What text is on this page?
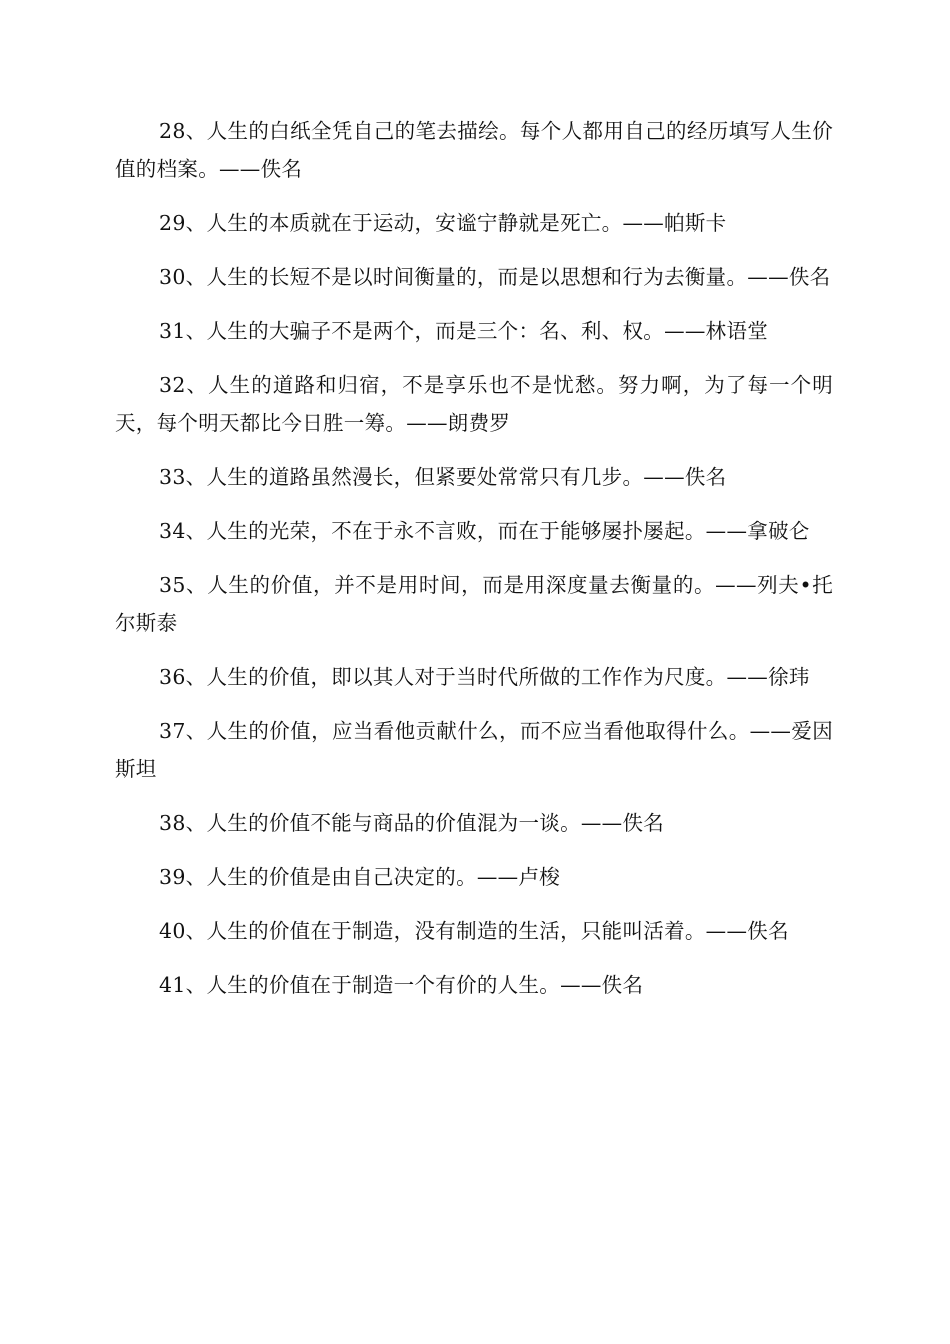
28、人生的白纸全凭自己的笔去描绘。每个人都用自己的经历填写人生价值的档案。——佚名

29、人生的本质就在于运动，安谧宁静就是死亡。——帕斯卡

30、人生的长短不是以时间衡量的，而是以思想和行为去衡量。——佚名

31、人生的大骗子不是两个，而是三个：名、利、权。——林语堂

32、人生的道路和归宿，不是享乐也不是忧愁。努力啊，为了每一个明天，每个明天都比今日胜一筹。——朗费罗

33、人生的道路虽然漫长，但紧要处常常只有几步。——佚名

34、人生的光荣，不在于永不言败，而在于能够屡扑屡起。——拿破仑

35、人生的价值，并不是用时间，而是用深度量去衡量的。——列夫•托尔斯泰

36、人生的价值，即以其人对于当时代所做的工作作为尺度。——徐玮

37、人生的价值，应当看他贡献什么，而不应当看他取得什么。——爱因斯坦

38、人生的价值不能与商品的价值混为一谈。——佚名

39、人生的价值是由自己决定的。——卢梭

40、人生的价值在于制造，没有制造的生活，只能叫活着。——佚名

41、人生的价值在于制造一个有价的人生。——佚名
